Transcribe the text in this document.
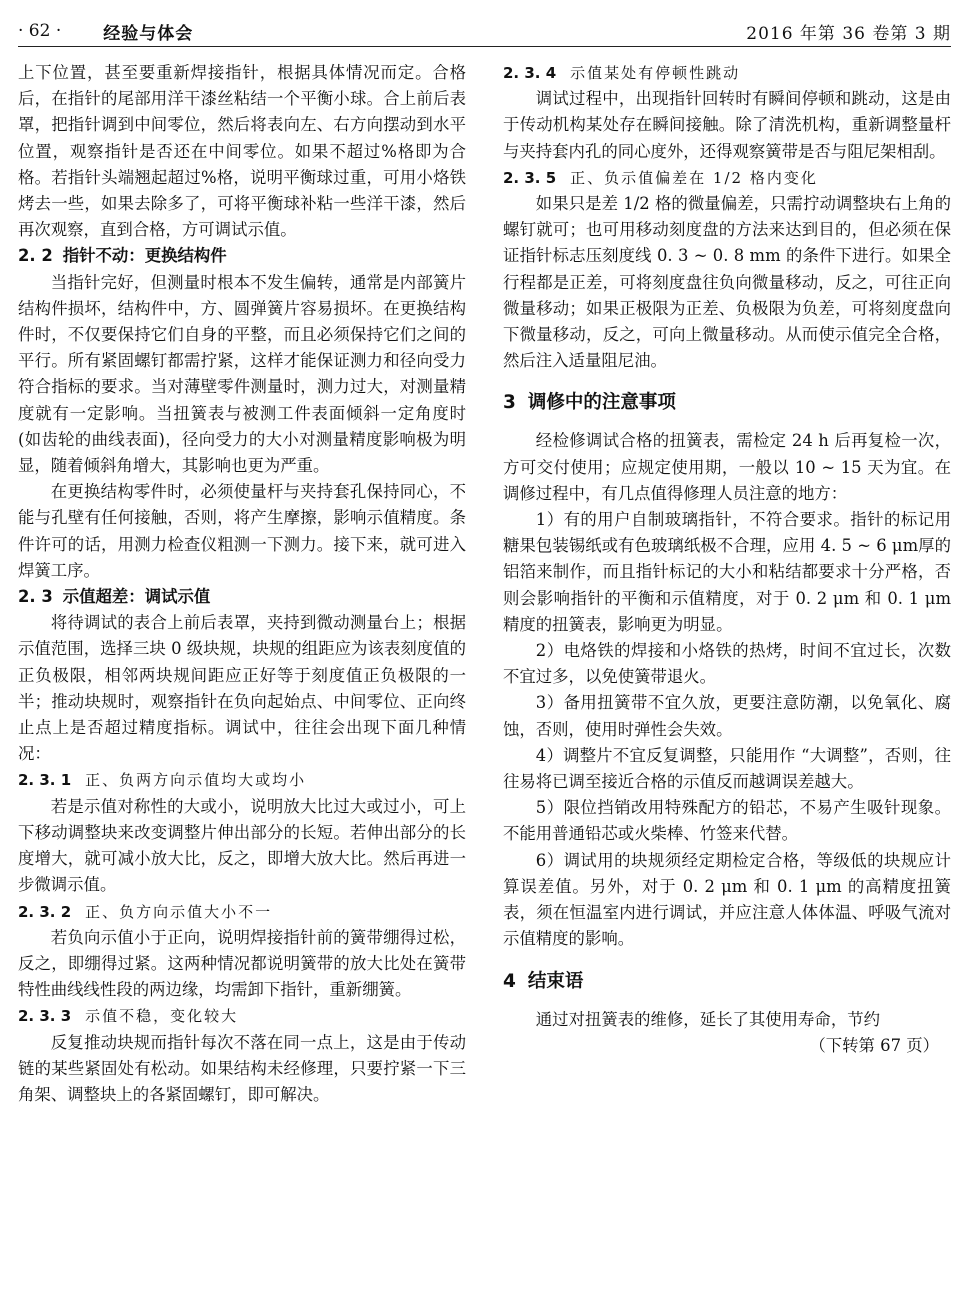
· 62 · 经验与体会	2016 年第 36 卷第 3 期

上下位置，甚至要重新焊接指针，根据具体情况而定。合格后，在指针的尾部用洋干漆丝粘结一个平衡小球。合上前后表罩，把指针调到中间零位，然后将表向左、右方向摆动到水平位置，观察指针是否还在中间零位。如果不超过%格即为合格。若指针头端翘起超过%格，说明平衡球过重，可用小烙铁烤去一些，如果去除多了，可将平衡球补粘一些洋干漆，然后再次观察，直到合格，方可调试示值。

2. 2 指针不动：更换结构件

当指针完好，但测量时根本不发生偏转，通常是内部簧片结构件损坏，结构件中，方、圆弹簧片容易损坏。在更换结构件时，不仅要保持它们自身的平整，而且必须保持它们之间的平行。所有紧固螺钉都需拧紧，这样才能保证测力和径向受力符合指标的要求。当对薄壁零件测量时，测力过大，对测量精度就有一定影响。当扭簧表与被测工件表面倾斜一定角度时(如齿轮的曲线表面)，径向受力的大小对测量精度影响极为明显，随着倾斜角增大，其影响也更为严重。

在更换结构零件时，必须使量杆与夹持套孔保持同心，不能与孔壁有任何接触，否则，将产生摩擦，影响示值精度。条件许可的话，用测力检查仪粗测一下测力。接下来，就可进入焊簧工序。

2. 3 示值超差：调试示值

将待调试的表合上前后表罩，夹持到微动测量台上；根据示值范围，选择三块 0 级块规，块规的组距应为该表刻度值的正负极限，相邻两块规间距应正好等于刻度值正负极限的一半；推动块规时，观察指针在负向起始点、中间零位、正向终止点上是否超过精度指标。调试中，往往会出现下面几种情况：

2. 3. 1 正、负两方向示值均大或均小

若是示值对称性的大或小，说明放大比过大或过小，可上下移动调整块来改变调整片伸出部分的长短。若伸出部分的长度增大，就可减小放大比，反之，即增大放大比。然后再进一步微调示值。

2. 3. 2 正、负方向示值大小不一

若负向示值小于正向，说明焊接指针前的簧带绷得过松，反之，即绷得过紧。这两种情况都说明簧带的放大比处在簧带特性曲线线性段的两边缘，均需卸下指针，重新绷簧。

2. 3. 3 示值不稳，变化较大

反复推动块规而指针每次不落在同一点上，这是由于传动链的某些紧固处有松动。如果结构未经修理，只要拧紧一下三角架、调整块上的各紧固螺钉，即可解决。

2. 3. 4 示值某处有停顿性跳动

调试过程中，出现指针回转时有瞬间停顿和跳动，这是由于传动机构某处存在瞬间接触。除了清洗机构，重新调整量杆与夹持套内孔的同心度外，还得观察簧带是否与阻尼架相刮。

2. 3. 5 正、负示值偏差在 1/2 格内变化

如果只是差 1/2 格的微量偏差，只需拧动调整块右上角的螺钉就可；也可用移动刻度盘的方法来达到目的，但必须在保证指针标志压刻度线 0. 3 ~ 0. 8 mm 的条件下进行。如果全行程都是正差，可将刻度盘往负向微量移动，反之，可往正向微量移动；如果正极限为正差、负极限为负差，可将刻度盘向下微量移动，反之，可向上微量移动。从而使示值完全合格，然后注入适量阻尼油。

3 调修中的注意事项

经检修调试合格的扭簧表，需检定 24 h 后再复检一次，方可交付使用；应规定使用期，一般以 10 ~ 15 天为宜。在调修过程中，有几点值得修理人员注意的地方：

1）有的用户自制玻璃指针，不符合要求。指针的标记用糖果包装锡纸或有色玻璃纸极不合理，应用 4. 5 ~ 6 μm厚的铝箔来制作，而且指针标记的大小和粘结都要求十分严格，否则会影响指针的平衡和示值精度，对于 0. 2 μm 和 0. 1 μm 精度的扭簧表，影响更为明显。

2）电烙铁的焊接和小烙铁的热烤，时间不宜过长，次数不宜过多，以免使簧带退火。

3）备用扭簧带不宜久放，更要注意防潮，以免氧化、腐蚀，否则，使用时弹性会失效。

4）调整片不宜反复调整，只能用作 “大调整”，否则，往往易将已调至接近合格的示值反而越调误差越大。

5）限位挡销改用特殊配方的铅芯，不易产生吸针现象。不能用普通铅芯或火柴棒、竹签来代替。

6）调试用的块规须经定期检定合格，等级低的块规应计算误差值。另外，对于 0. 2 μm 和 0. 1 μm 的高精度扭簧表，须在恒温室内进行调试，并应注意人体体温、呼吸气流对示值精度的影响。

4 结束语

通过对扭簧表的维修，延长了其使用寿命，节约

（下转第 67 页）
